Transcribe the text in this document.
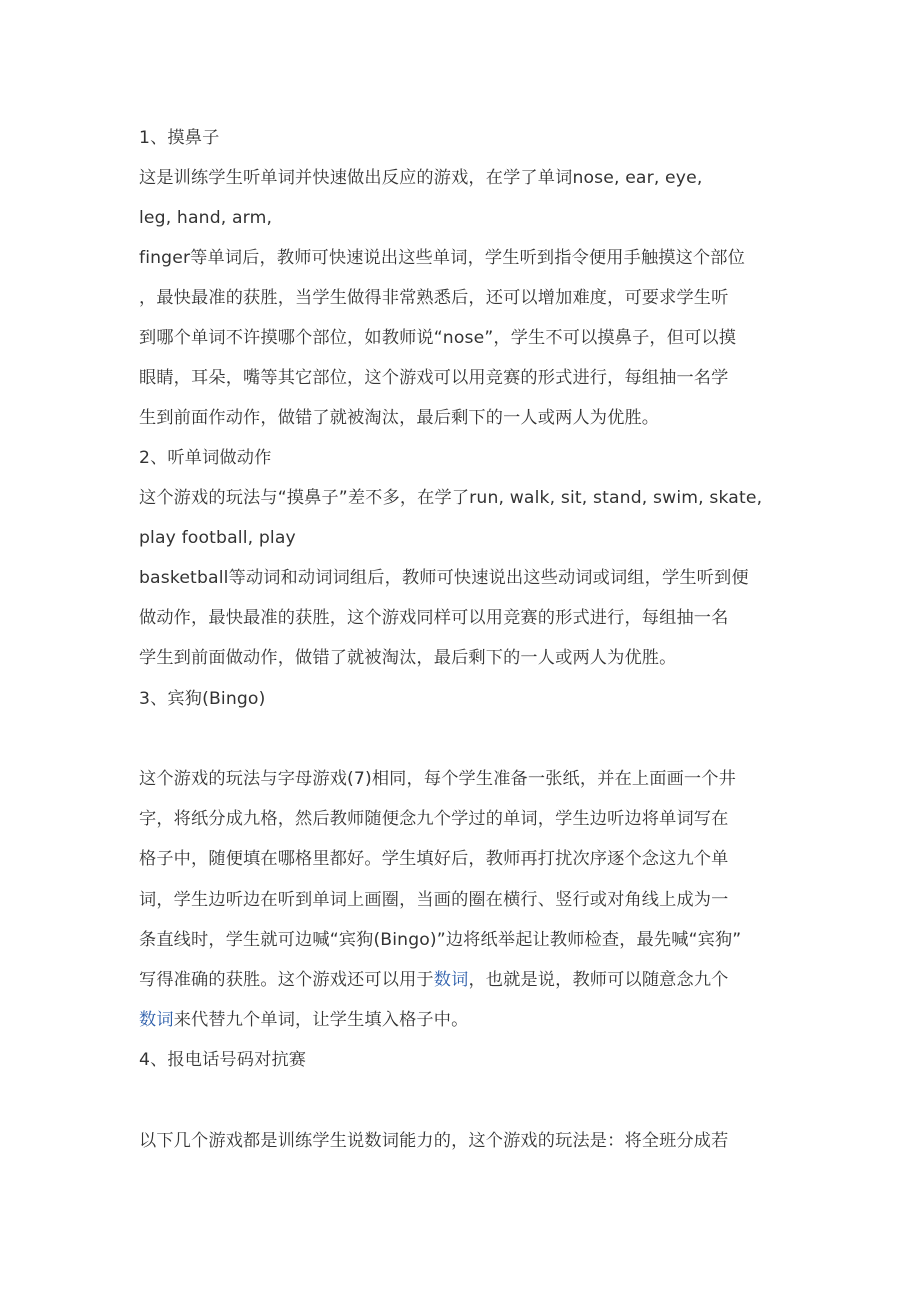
1、摸鼻子
这是训练学生听单词并快速做出反应的游戏，在学了单词nose, ear, eye,
leg, hand, arm,
finger等单词后，教师可快速说出这些单词，学生听到指令便用手触摸这个部位
，最快最准的获胜，当学生做得非常熟悉后，还可以增加难度，可要求学生听
到哪个单词不许摸哪个部位，如教师说“nose”，学生不可以摸鼻子，但可以摸
眼睛，耳朵，嘴等其它部位，这个游戏可以用竞赛的形式进行，每组抽一名学
生到前面作动作，做错了就被淘汰，最后剩下的一人或两人为优胜。
2、听单词做动作
这个游戏的玩法与“摸鼻子”差不多，在学了run, walk, sit, stand, swim, skate,
play football, play
basketball等动词和动词词组后，教师可快速说出这些动词或词组，学生听到便
做动作，最快最准的获胜，这个游戏同样可以用竞赛的形式进行，每组抽一名
学生到前面做动作，做错了就被淘汰，最后剩下的一人或两人为优胜。
3、宾狗(Bingo)
这个游戏的玩法与字母游戏(7)相同，每个学生准备一张纸，并在上面画一个井
字，将纸分成九格，然后教师随便念九个学过的单词，学生边听边将单词写在
格子中，随便填在哪格里都好。学生填好后，教师再打扰次序逐个念这九个单
词，学生边听边在听到单词上画圈，当画的圈在横行、竖行或对角线上成为一
条直线时，学生就可边喊“宾狗(Bingo)”边将纸举起让教师检查，最先喊“宾狗”
写得准确的获胜。这个游戏还可以用于数词，也就是说，教师可以随意念九个
数词来代替九个单词，让学生填入格子中。
4、报电话号码对抗赛
以下几个游戏都是训练学生说数词能力的，这个游戏的玩法是：将全班分成若
